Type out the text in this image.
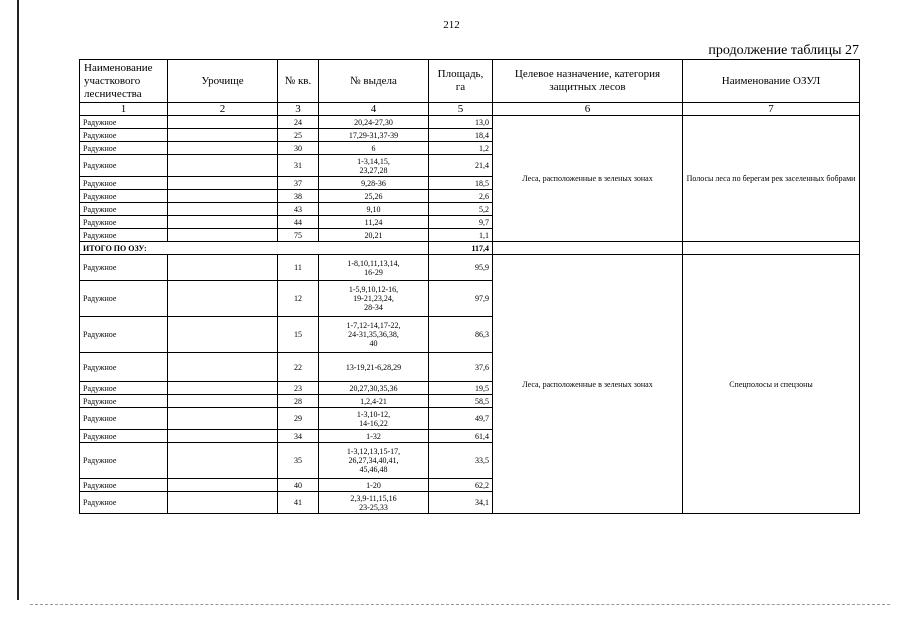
212
продолжение таблицы 27
Наименование участкового лесничества	Урочище	№ кв.	№ выдела	Площадь, га	Целевое назначение, категория защитных лесов	Наименование ОЗУЛ
1	2	3	4	5	6	7
Радужное		24	20,24-27,30	13,0	Леса, расположенные в зеленых зонах	Полосы леса по берегам рек заселенных бобрами
Радужное		25	17,29-31,37-39	18,4		
Радужное		30	6	1,2		
Радужное		31	1-3,14,15,
23,27,28	21,4		
Радужное		37	9,28-36	18,5		
Радужное		38	25,26	2,6		
Радужное		43	9,10	5,2		
Радужное		44	11,24	9,7		
Радужное		75	20,21	1,1		
ИТОГО ПО ОЗУ:				117,4		
Радужное		11	1-8,10,11,13,14,
16-29	95,9	Леса, расположенные в зеленых зонах	Спецполосы и спецзоны
Радужное		12	1-5,9,10,12-16,
19-21,23,24,
28-34	97,9		
Радужное		15	1-7,12-14,17-22,
24-31,35,36,38,
40	86,3		
Радужное		22	13-19,21-6,28,29	37,6		
Радужное		23	20,27,30,35,36	19,5		
Радужное		28	1,2,4-21	58,5		
Радужное		29	1-3,10-12,
14-16,22	49,7		
Радужное		34	1-32	61,4		
Радужное		35	1-3,12,13,15-17,
26,27,34,40,41,
45,46,48	33,5		
Радужное		40	1-20	62,2		
Радужное		41	2,3,9-11,15,16
23-25,33	34,1		
